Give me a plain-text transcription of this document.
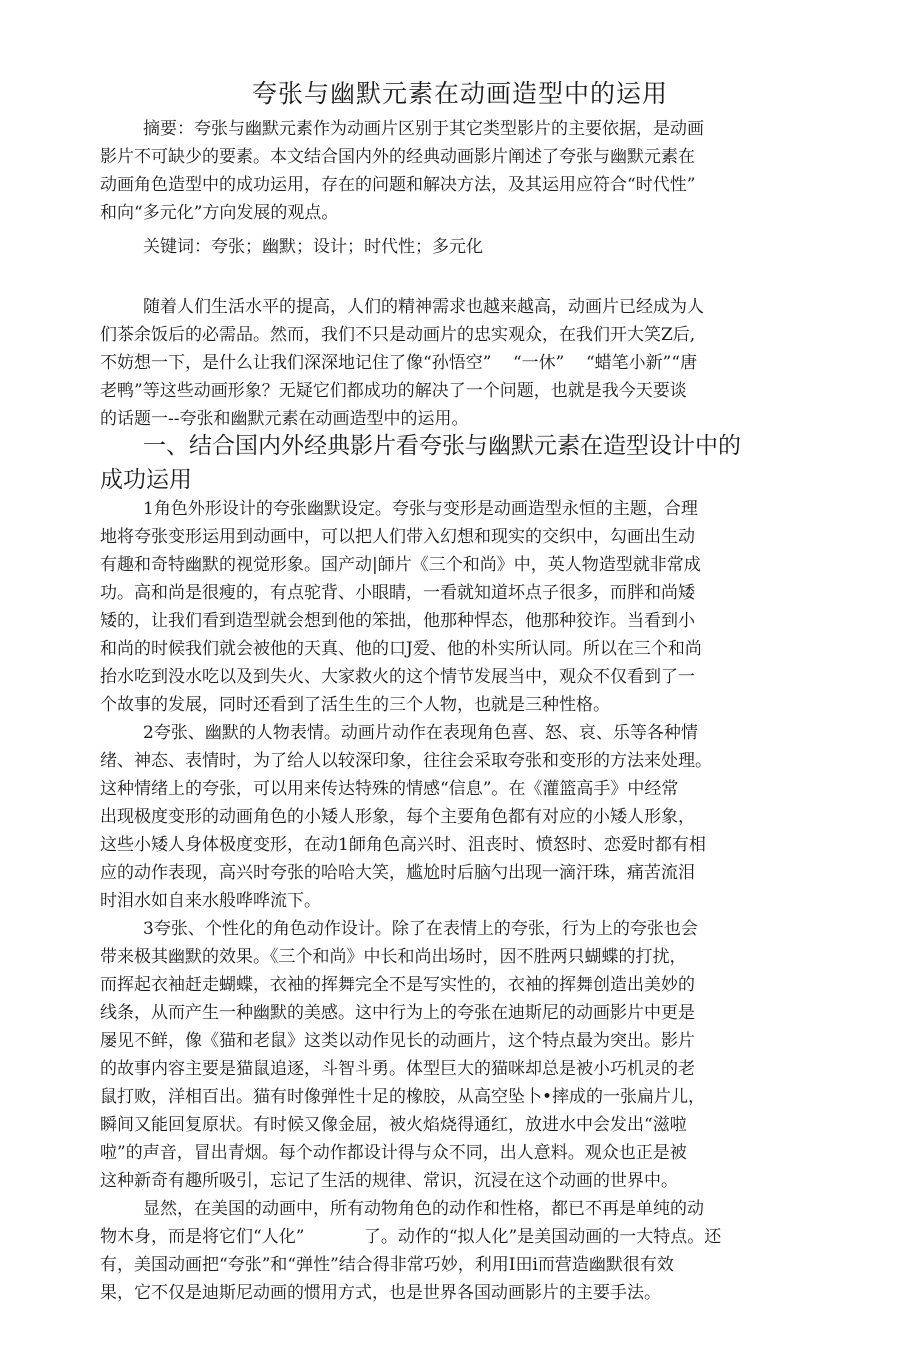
夸张与幽默元素在动画造型中的运用

摘要：夸张与幽默元素作为动画片区别于其它类型影片的主要依据，是动画

影片不可缺少的要素。本文结合国内外的经典动画影片阐述了夸张与幽默元素在

动画角色造型中的成功运用，存在的问题和解决方法，及其运用应符合“时代性”

和向“多元化”方向发展的观点。

关键词：夸张；幽默；设计；时代性；多元化

随着人们生活水平的提高，人们的精神需求也越来越高，动画片已经成为人

们茶余饭后的必需品。然而，我们不只是动画片的忠实观众，在我们开大笑Z后,

不妨想一下，是什么让我们深深地记住了像“孙悟空”    “一休”    “蜡笔小新”“唐

老鸭”等这些动画形象？无疑它们都成功的解决了一个问题，也就是我今天要谈

的话题一--夸张和幽默元素在动画造型中的运用。

一、结合国内外经典影片看夸张与幽默元素在造型设计中的
成功运用

1角色外形设计的夸张幽默设定。夸张与变形是动画造型永恒的主题，合理

地将夸张变形运用到动画中，可以把人们带入幻想和现实的交织中，勾画出生动

有趣和奇特幽默的视觉形象。国产动|師片《三个和尚》中，英人物造型就非常成

功。高和尚是很瘦的，有点驼背、小眼睛，一看就知道坏点子很多，而胖和尚矮

矮的，让我们看到造型就会想到他的笨拙，他那种悍态，他那种狡诈。当看到小

和尚的时候我们就会被他的天真、他的口J爱、他的朴实所认同。所以在三个和尚

抬水吃到没水吃以及到失火、大家救火的这个情节发展当中，观众不仅看到了一

个故事的发展，同时还看到了活生生的三个人物，也就是三种性格。

2夸张、幽默的人物表情。动画片动作在表现角色喜、怒、哀、乐等各种情

绪、神态、表情时，为了给人以较深印象，往往会采取夸张和变形的方法来处理。

这种情绪上的夸张，可以用来传达特殊的情感“信息”。在《灌篮高手》中经常

出现极度变形的动画角色的小矮人形象，每个主要角色都有对应的小矮人形象，

这些小矮人身体极度变形，在动1師角色高兴时、沮丧时、愤怒时、恋爱时都有相

应的动作表现，高兴时夸张的哈哈大笑，尴尬时后脑勺出现一滴汗珠，痛苦流泪

时泪水如自来水般哗哗流下。

3夸张、个性化的角色动作设计。除了在表情上的夸张，行为上的夸张也会

带来极其幽默的效果。《三个和尚》中长和尚出场时，因不胜两只蝴蝶的打扰，

而挥起衣袖赶走蝴蝶，衣袖的挥舞完全不是写实性的，衣袖的挥舞创造出美妙的

线条，从而产生一种幽默的美感。这中行为上的夸张在迪斯尼的动画影片中更是

屡见不鲜，像《猫和老鼠》这类以动作见长的动画片，这个特点最为突出。影片

的故事内容主要是猫鼠追逐，斗智斗勇。体型巨大的猫咪却总是被小巧机灵的老

鼠打败，洋相百出。猫有时像弹性十足的橡胶，从高空坠卜•摔成的一张扁片儿，

瞬间又能回复原状。有时候又像金屈，被火焰烧得通红，放进水中会发出“滋啦

啦”的声音，冒出青烟。每个动作都设计得与众不同，出人意料。观众也正是被

这种新奇有趣所吸引，忘记了生活的规律、常识，沉浸在这个动画的世界中。

显然，在美国的动画中，所有动物角色的动作和性格，都已不再是单纯的动

物木身，而是将它们“人化”           了。动作的“拟人化”是美国动画的一大特点。还

有，美国动画把“夸张”和“弹性”结合得非常巧妙，利用I田i而营造幽默很有效

果，它不仅是迪斯尼动画的惯用方式，也是世界各国动画影片的主要手法。
